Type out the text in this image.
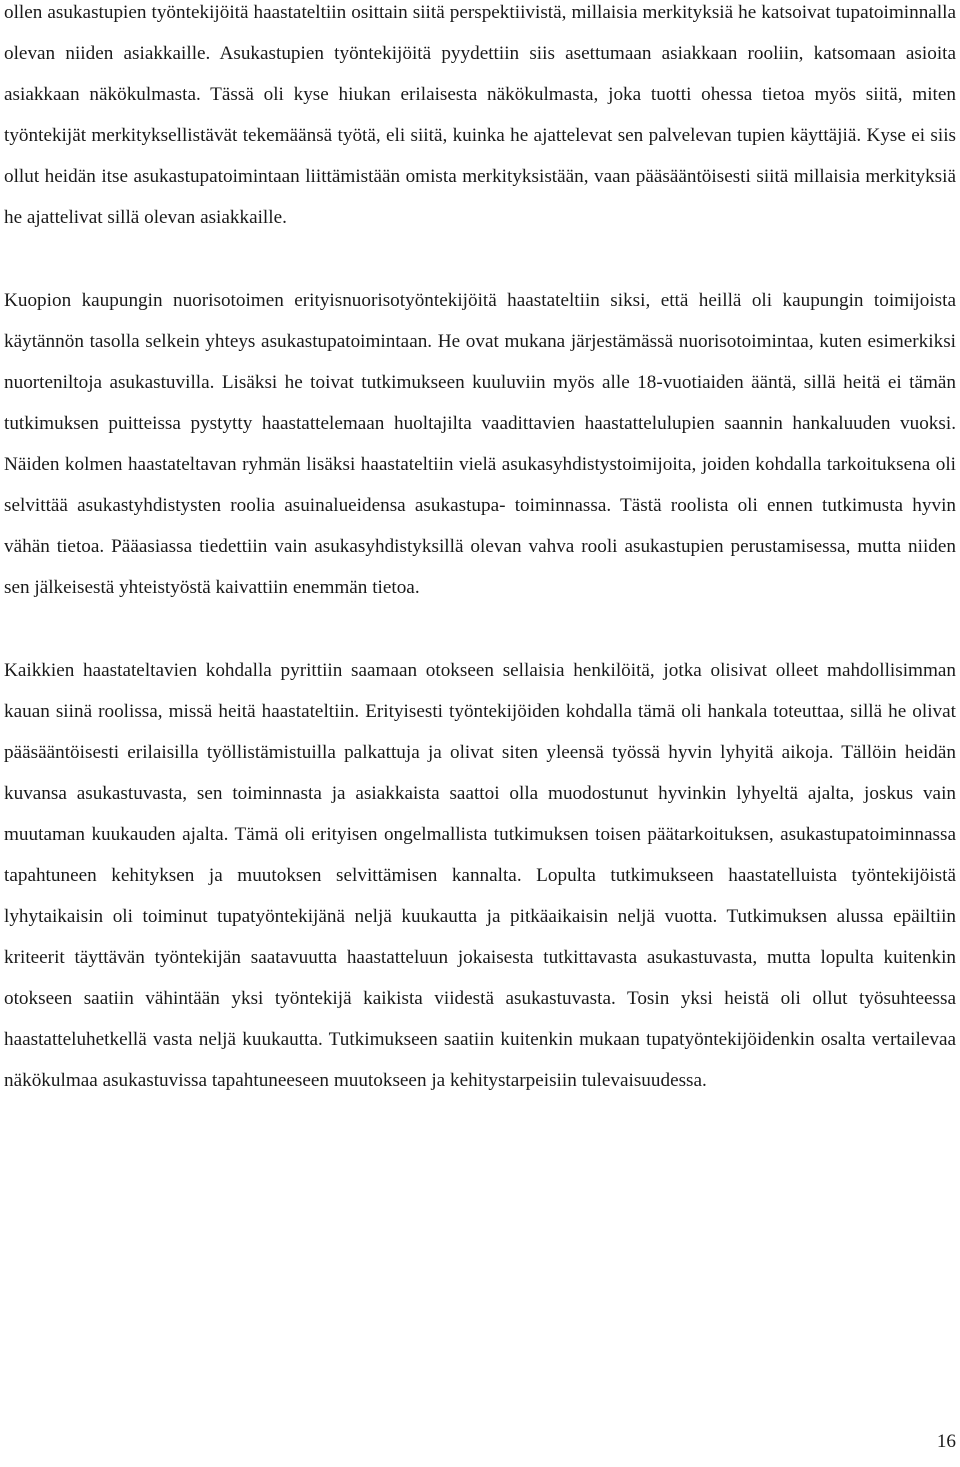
ollen asukastupien työntekijöitä haastateltiin osittain siitä perspektiivistä, millaisia merkityksiä he katsoivat tupatoiminnalla olevan niiden asiakkaille. Asukastupien työntekijöitä pyydettiin siis asettumaan asiakkaan rooliin, katsomaan asioita asiakkaan näkökulmasta. Tässä oli kyse hiukan erilaisesta näkökulmasta, joka tuotti ohessa tietoa myös siitä, miten työntekijät merkityksellistävät tekemäänsä työtä, eli siitä, kuinka he ajattelevat sen palvelevan tupien käyttäjiä. Kyse ei siis ollut heidän itse asukastupatoimintaan liittämistään omista merkityksistään, vaan pääsääntöisesti siitä millaisia merkityksiä he ajattelivat sillä olevan asiakkaille.

Kuopion kaupungin nuorisotoimen erityisnuorisotyöntekijöitä haastateltiin siksi, että heillä oli kaupungin toimijoista käytännön tasolla selkein yhteys asukastupatoimintaan. He ovat mukana järjestämässä nuorisotoimintaa, kuten esimerkiksi nuorteniltoja asukastuvilla. Lisäksi he toivat tutkimukseen kuuluviin myös alle 18-vuotiaiden ääntä, sillä heitä ei tämän tutkimuksen puitteissa pystytty haastattelemaan huoltajilta vaadittavien haastattelulupien saannin hankaluuden vuoksi. Näiden kolmen haastateltavan ryhmän lisäksi haastateltiin vielä asukasyhdistystoimijoita, joiden kohdalla tarkoituksena oli selvittää asukastyhdistysten roolia asuinalueidensa asukastupa- toiminnassa. Tästä roolista oli ennen tutkimusta hyvin vähän tietoa. Pääasiassa tiedettiin vain asukasyhdistyksillä olevan vahva rooli asukastupien perustamisessa, mutta niiden sen jälkeisestä yhteistyöstä kaivattiin enemmän tietoa.

Kaikkien haastateltavien kohdalla pyrittiin saamaan otokseen sellaisia henkilöitä, jotka olisivat olleet mahdollisimman kauan siinä roolissa, missä heitä haastateltiin. Erityisesti työntekijöiden kohdalla tämä oli hankala toteuttaa, sillä he olivat pääsääntöisesti erilaisilla työllistämistuilla palkattuja ja olivat siten yleensä työssä hyvin lyhyitä aikoja. Tällöin heidän kuvansa asukastuvasta, sen toiminnasta ja asiakkaista saattoi olla muodostunut hyvinkin lyhyeltä ajalta, joskus vain muutaman kuukauden ajalta. Tämä oli erityisen ongelmallista tutkimuksen toisen päätarkoituksen, asukastupatoiminnassa tapahtuneen kehityksen ja muutoksen selvittämisen kannalta. Lopulta tutkimukseen haastatelluista työntekijöistä lyhytaikaisin oli toiminut tupatyöntekijänä neljä kuukautta ja pitkäaikaisin neljä vuotta. Tutkimuksen alussa epäiltiin kriteerit täyttävän työntekijän saatavuutta haastatteluun jokaisesta tutkittavasta asukastuvasta, mutta lopulta kuitenkin otokseen saatiin vähintään yksi työntekijä kaikista viidestä asukastuvasta. Tosin yksi heistä oli ollut työsuhteessa haastatteluhetkellä vasta neljä kuukautta. Tutkimukseen saatiin kuitenkin mukaan tupatyöntekijöidenkin osalta vertailevaa näkökulmaa asukastuvissa tapahtuneeseen muutokseen ja kehitystarpeisiin tulevaisuudessa.

16
